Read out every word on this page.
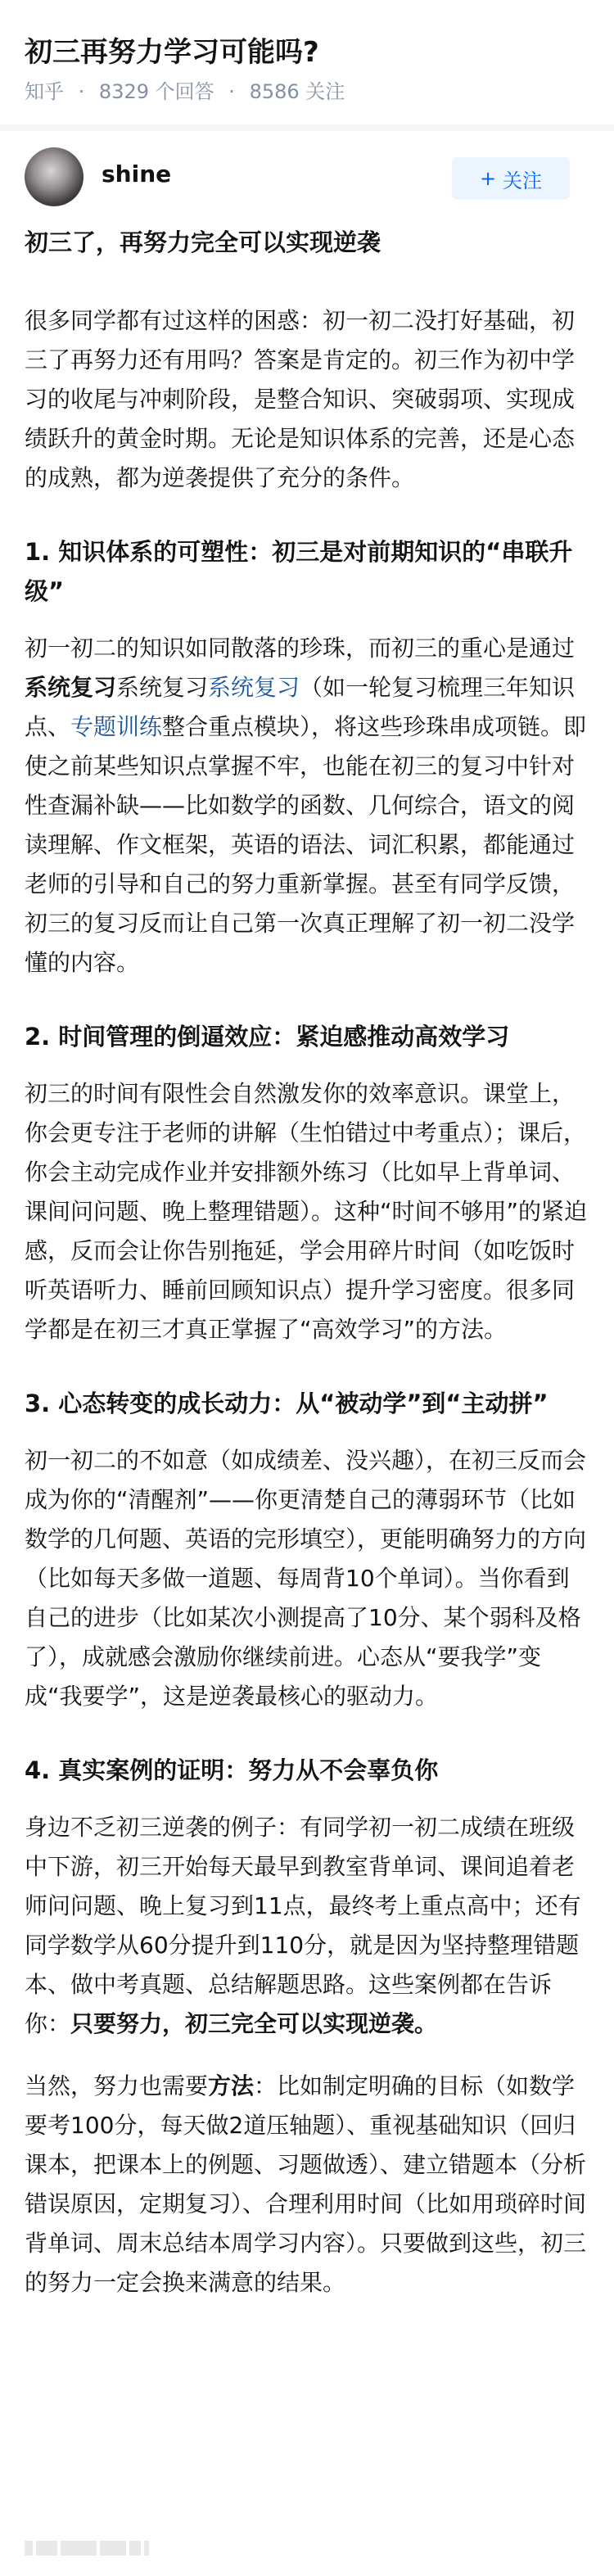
初三再努力学习可能吗?
知乎 · 8329 个回答 · 8586 关注
shine	+ 关注

初三了，再努力完全可以实现逆袭

很多同学都有过这样的困惑：初一初二没打好基础，初三了再努力还有用吗？答案是肯定的。初三作为初中学习的收尾与冲刺阶段，是整合知识、突破弱项、实现成绩跃升的黄金时期。无论是知识体系的完善，还是心态的成熟，都为逆袭提供了充分的条件。

1. 知识体系的可塑性：初三是对前期知识的“串联升级”

初一初二的知识如同散落的珍珠，而初三的重心是通过系统复习系统复习系统复习（如一轮复习梳理三年知识点、专题训练整合重点模块），将这些珍珠串成项链。即使之前某些知识点掌握不牢，也能在初三的复习中针对性查漏补缺——比如数学的函数、几何综合，语文的阅读理解、作文框架，英语的语法、词汇积累，都能通过老师的引导和自己的努力重新掌握。甚至有同学反馈，初三的复习反而让自己第一次真正理解了初一初二没学懂的内容。

2. 时间管理的倒逼效应：紧迫感推动高效学习

初三的时间有限性会自然激发你的效率意识。课堂上，你会更专注于老师的讲解（生怕错过中考重点）；课后，你会主动完成作业并安排额外练习（比如早上背单词、课间问问题、晚上整理错题）。这种“时间不够用”的紧迫感，反而会让你告别拖延，学会用碎片时间（如吃饭时听英语听力、睡前回顾知识点）提升学习密度。很多同学都是在初三才真正掌握了“高效学习”的方法。

3. 心态转变的成长动力：从“被动学”到“主动拼”

初一初二的不如意（如成绩差、没兴趣），在初三反而会成为你的“清醒剂”——你更清楚自己的薄弱环节（比如数学的几何题、英语的完形填空），更能明确努力的方向（比如每天多做一道题、每周背10个单词）。当你看到自己的进步（比如某次小测提高了10分、某个弱科及格了），成就感会激励你继续前进。心态从“要我学”变成“我要学”，这是逆袭最核心的驱动力。

4. 真实案例的证明：努力从不会辜负你

身边不乏初三逆袭的例子：有同学初一初二成绩在班级中下游，初三开始每天最早到教室背单词、课间追着老师问问题、晚上复习到11点，最终考上重点高中；还有同学数学从60分提升到110分，就是因为坚持整理错题本、做中考真题、总结解题思路。这些案例都在告诉你：只要努力，初三完全可以实现逆袭。

当然，努力也需要方法：比如制定明确的目标（如数学要考100分，每天做2道压轴题）、重视基础知识（回归课本，把课本上的例题、习题做透）、建立错题本（分析错误原因，定期复习）、合理利用时间（比如用琐碎时间背单词、周末总结本周学习内容）。只要做到这些，初三的努力一定会换来满意的结果。
